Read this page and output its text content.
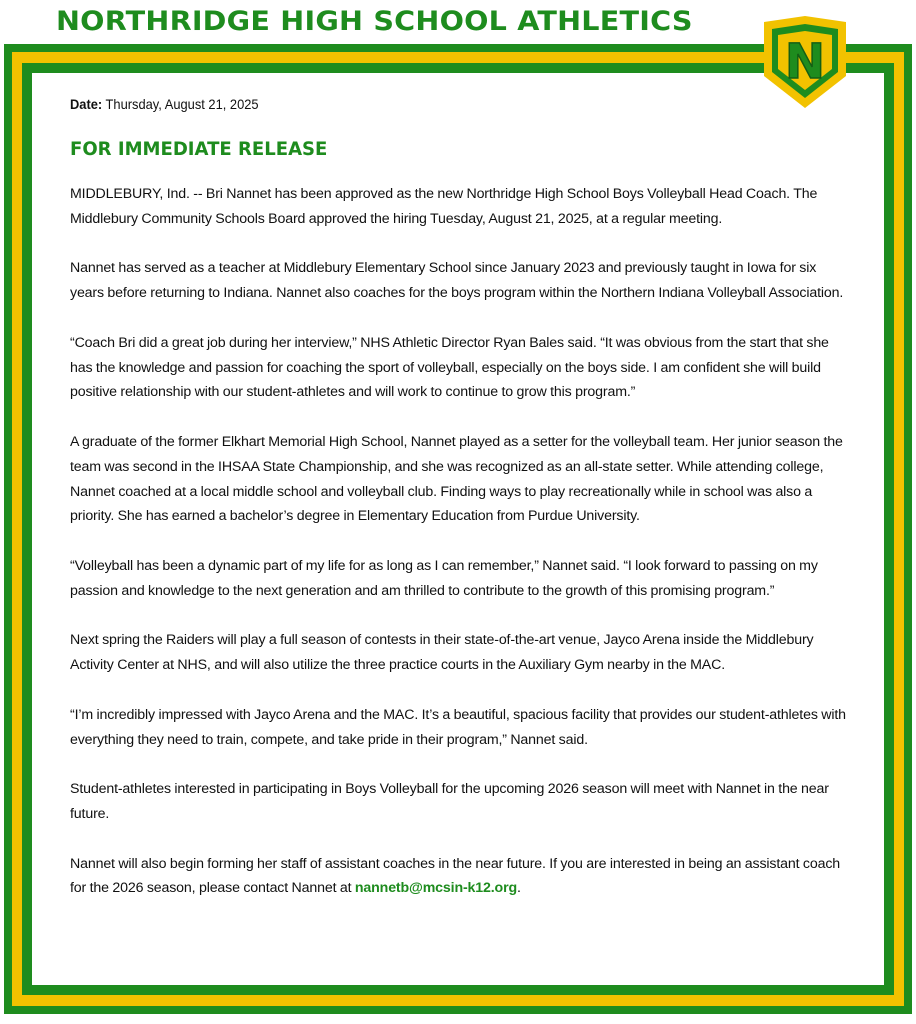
NORTHRIDGE HIGH SCHOOL ATHLETICS
N

Date: Thursday, August 21, 2025

FOR IMMEDIATE RELEASE

MIDDLEBURY, Ind. -- Bri Nannet has been approved as the new Northridge High School Boys Volleyball Head Coach. The Middlebury Community Schools Board approved the hiring Tuesday, August 21, 2025, at a regular meeting.

Nannet has served as a teacher at Middlebury Elementary School since January 2023 and previously taught in Iowa for six years before returning to Indiana. Nannet also coaches for the boys program within the Northern Indiana Volleyball Association.

“Coach Bri did a great job during her interview,” NHS Athletic Director Ryan Bales said. “It was obvious from the start that she has the knowledge and passion for coaching the sport of volleyball, especially on the boys side. I am confident she will build positive relationship with our student-athletes and will work to continue to grow this program.”

A graduate of the former Elkhart Memorial High School, Nannet played as a setter for the volleyball team. Her junior season the team was second in the IHSAA State Championship, and she was recognized as an all-state setter. While attending college, Nannet coached at a local middle school and volleyball club. Finding ways to play recreationally while in school was also a priority. She has earned a bachelor’s degree in Elementary Education from Purdue University.

“Volleyball has been a dynamic part of my life for as long as I can remember,” Nannet said. “I look forward to passing on my passion and knowledge to the next generation and am thrilled to contribute to the growth of this promising program.”

Next spring the Raiders will play a full season of contests in their state-of-the-art venue, Jayco Arena inside the Middlebury Activity Center at NHS, and will also utilize the three practice courts in the Auxiliary Gym nearby in the MAC.

“I’m incredibly impressed with Jayco Arena and the MAC. It’s a beautiful, spacious facility that provides our student-athletes with everything they need to train, compete, and take pride in their program,” Nannet said.

Student-athletes interested in participating in Boys Volleyball for the upcoming 2026 season will meet with Nannet in the near future.

Nannet will also begin forming her staff of assistant coaches in the near future. If you are interested in being an assistant coach for the 2026 season, please contact Nannet at nannetb@mcsin-k12.org.
